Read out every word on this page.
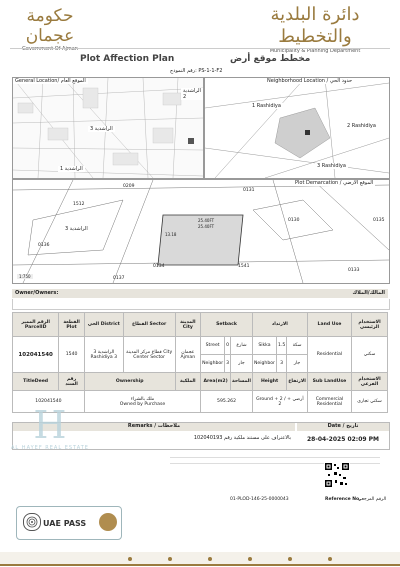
حكومة عجمان
Government Of Ajman
دائرة البلدية والتخطيط
Municipality & Planning Department
Plot Affection Plan	مخطط موقع أرض
رقم النموذج: PS-1-1-F2
General Location/ الموقع العام
الراشدية 2
الراشدية 3
الراشدية 1
Neighborhood Location / حدود الحي
1 Rashidiya
2 Rashidiya
3 Rashidiya
Plot Demarcation / الموقع الأرضي
0209
0131
1512
0135
0136
0130
1541
0134
0137
0133
الراشدية 3
25.40FT
25.40FT
13.18
1:750
Owner/Owners:	المالك/الملاك
الرقم المميز ParcelID	القطعة Plot	الحي District	القطاع Sector	المدينة City	Setback			الارتداد			Land Use	الاستخدام الرئيسي
102041540	1540	الراشدية 3 Rashidiya 3	قطاع مركز المدينة City Center Sector	عجمان Ajman	Street	0	شارع	Sikka	1.5	سكة	Residential	سكني
					Neighbor	3	جار	Neighbor	3	جار		
TitleDeed	رقم السند	Ownership		الملكية	Area(m2)		المساحة	Height		الارتفاع	Sub LandUse	الاستخدام الفرعي
102041540		ملك بالشراء
Owned by Purchase			595.262			Ground + 2 / أرضي + 2			Commercial Residential	سكني تجاري
Remarks / ملاحظات
بالاعتراف على مستند ملكية رقم 102040193
Date / تاريخ
28-04-2025 02:09 PM
01-PLOD-146-25-0000043	Reference No.
الرقم المرجعي
H
AL HAYEF REAL ESTATE
UAE PASS
